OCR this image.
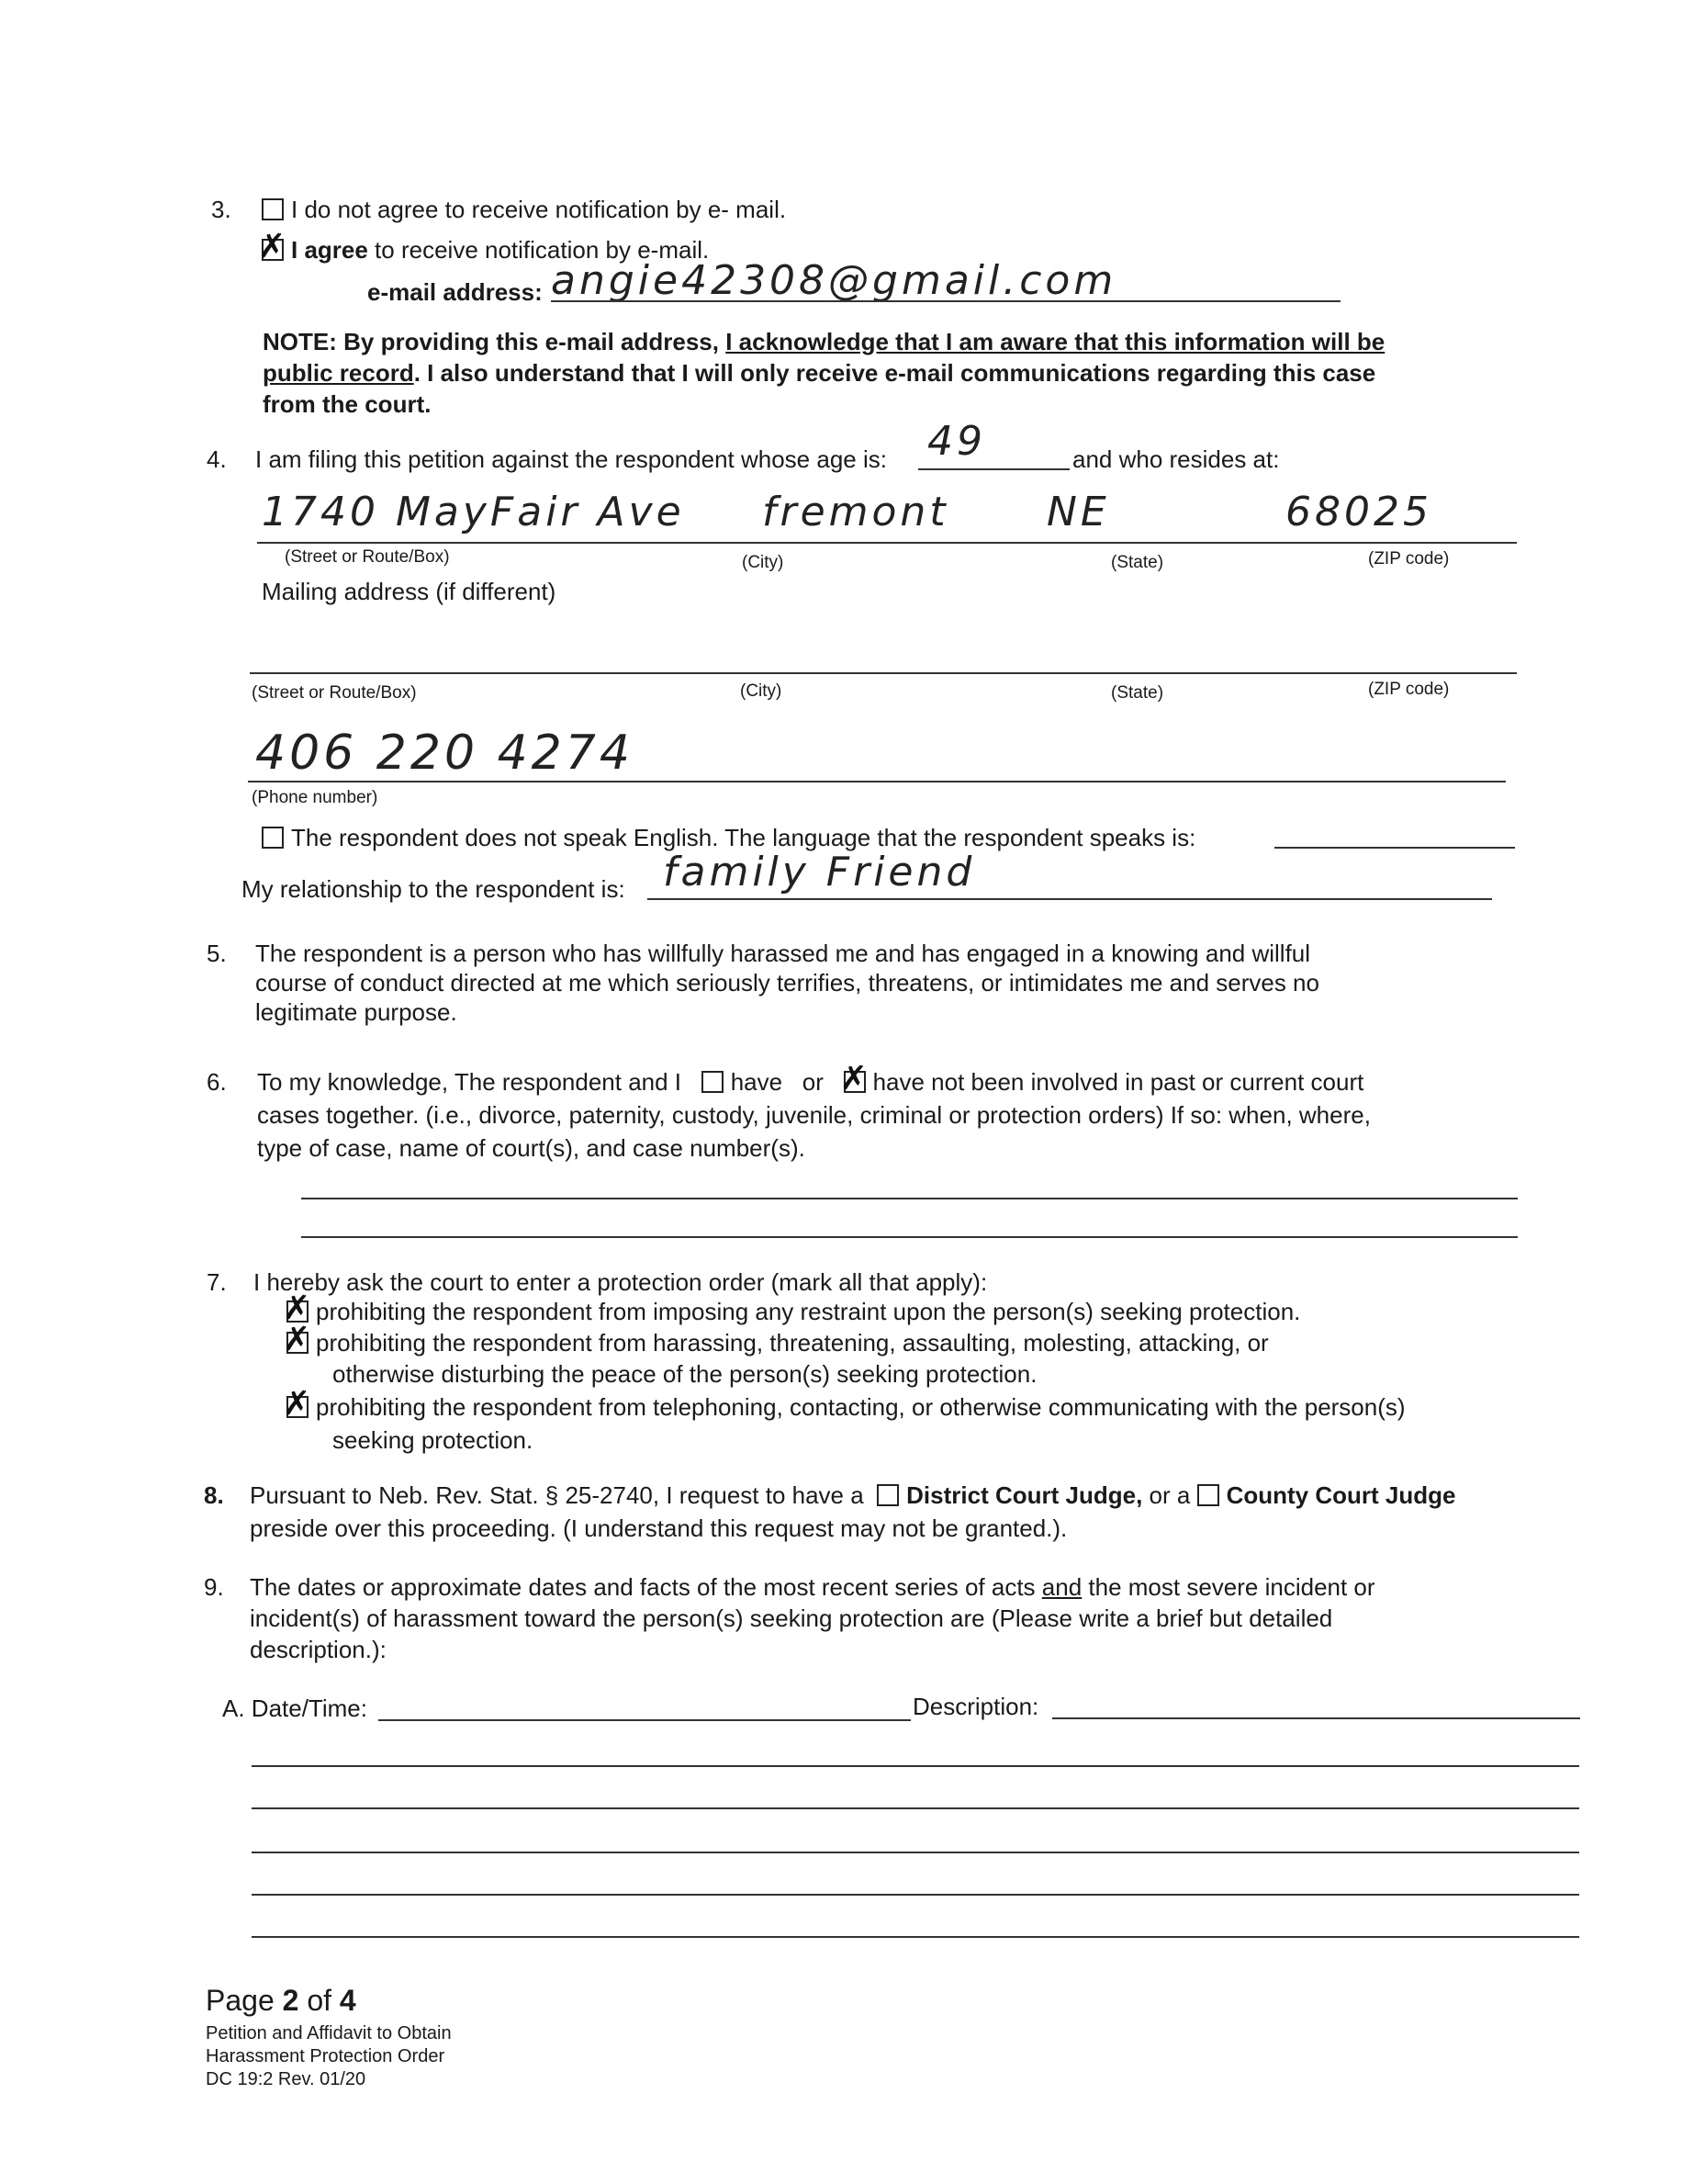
3.	I do not agree to receive notification by e- mail.
✗I agree to receive notification by e-mail.
e-mail address: angie42308@gmail.com
NOTE: By providing this e-mail address, I acknowledge that I am aware that this information will be
public record. I also understand that I will only receive e-mail communications regarding this case
from the court.
4. I am filing this petition against the respondent whose age is: 49	and who resides at:
1740 MayFair Ave fremont NE	68025
(Street or Route/Box)	(City)	(State)	(ZIP code)
Mailing address (if different)
(Street or Route/Box)	(City)	(State)	(ZIP code)
406 220 4274
(Phone number)
The respondent does not speak English. The language that the respondent speaks is:
My relationship to the respondent is: family Friend
5. The respondent is a person who has willfully harassed me and has engaged in a knowing and willful
course of conduct directed at me which seriously terrifies, threatens, or intimidates me and serves no
legitimate purpose.
6. To my knowledge, The respondent and I have or   ✗ have not been involved in past or current court
cases together. (i.e., divorce, paternity, custody, juvenile, criminal or protection orders) If so: when, where,
type of case, name of court(s), and case number(s).
7. I hereby ask the court to enter a protection order (mark all that apply):
✗prohibiting the respondent from imposing any restraint upon the person(s) seeking protection.
✗prohibiting the respondent from harassing, threatening, assaulting, molesting, attacking, or
otherwise disturbing the peace of the person(s) seeking protection.
✗prohibiting the respondent from telephoning, contacting, or otherwise communicating with the person(s)
seeking protection.
8. Pursuant to Neb. Rev. Stat. § 25-2740, I request to have a District Court Judge, or a County Court Judge
preside over this proceeding. (I understand this request may not be granted.).
9. The dates or approximate dates and facts of the most recent series of acts and the most severe incident or
incident(s) of harassment toward the person(s) seeking protection are (Please write a brief but detailed
description.):
A. Date/Time:	Description:
Page 2 of 4
Petition and Affidavit to Obtain
Harassment Protection Order
DC 19:2 Rev. 01/20
